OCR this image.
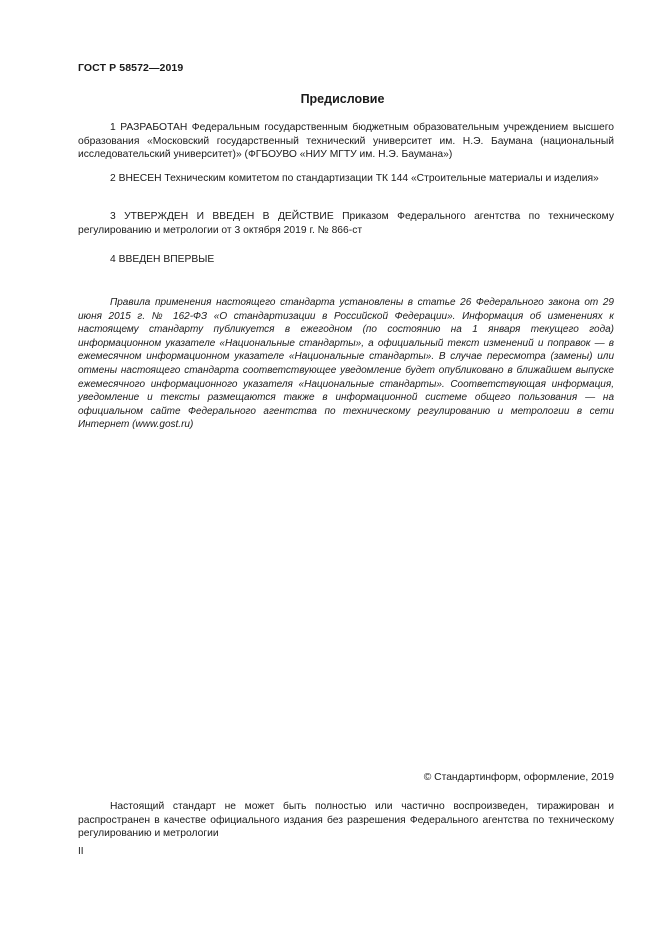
ГОСТ Р 58572—2019
Предисловие

1 РАЗРАБОТАН Федеральным государственным бюджетным образовательным учреждением высшего образования «Московский государственный технический университет им. Н.Э. Баумана (национальный исследовательский университет)» (ФГБОУВО «НИУ МГТУ им. Н.Э. Баумана»)

2 ВНЕСЕН Техническим комитетом по стандартизации ТК 144 «Строительные материалы и изделия»

3 УТВЕРЖДЕН И ВВЕДЕН В ДЕЙСТВИЕ Приказом Федерального агентства по техническому регулированию и метрологии от 3 октября 2019 г. № 866-ст

4 ВВЕДЕН ВПЕРВЫЕ

Правила применения настоящего стандарта установлены в статье 26 Федерального закона от 29 июня 2015 г. № 162-ФЗ «О стандартизации в Российской Федерации». Информация об изменениях к настоящему стандарту публикуется в ежегодном (по состоянию на 1 января текущего года) информационном указателе «Национальные стандарты», а официальный текст изменений и поправок — в ежемесячном информационном указателе «Национальные стандарты». В случае пересмотра (замены) или отмены настоящего стандарта соответствующее уведомление будет опубликовано в ближайшем выпуске ежемесячного информационного указателя «Национальные стандарты». Соответствующая информация, уведомление и тексты размещаются также в информационной системе общего пользования — на официальном сайте Федерального агентства по техническому регулированию и метрологии в сети Интернет (www.gost.ru)

© Стандартинформ, оформление, 2019

Настоящий стандарт не может быть полностью или частично воспроизведен, тиражирован и распространен в качестве официального издания без разрешения Федерального агентства по техническому регулированию и метрологии

II
